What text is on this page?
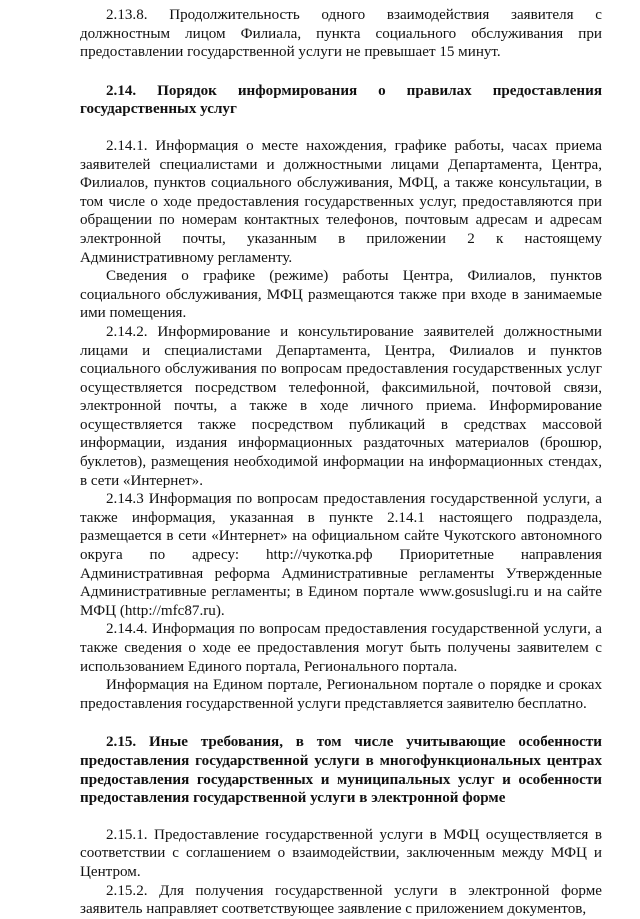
2.13.8. Продолжительность одного взаимодействия заявителя с должностным лицом Филиала, пункта социального обслуживания при предоставлении государственной услуги не превышает 15 минут.

2.14. Порядок информирования о правилах предоставления государственных услуг

2.14.1. Информация о месте нахождения, графике работы, часах приема заявителей специалистами и должностными лицами Департамента, Центра, Филиалов, пунктов социального обслуживания, МФЦ, а также консультации, в том числе о ходе предоставления государственных услуг, предоставляются при обращении по номерам контактных телефонов, почтовым адресам и адресам электронной почты, указанным в приложении 2 к настоящему Административному регламенту.

Сведения о графике (режиме) работы Центра, Филиалов, пунктов социального обслуживания, МФЦ размещаются также при входе в занимаемые ими помещения.

2.14.2. Информирование и консультирование заявителей должностными лицами и специалистами Департамента, Центра, Филиалов и пунктов социального обслуживания по вопросам предоставления государственных услуг осуществляется посредством телефонной, факсимильной, почтовой связи, электронной почты, а также в ходе личного приема. Информирование осуществляется также посредством публикаций в средствах массовой информации, издания информационных раздаточных материалов (брошюр, буклетов), размещения необходимой информации на информационных стендах, в сети «Интернет».

2.14.3 Информация по вопросам предоставления государственной услуги, а также информация, указанная в пункте 2.14.1 настоящего подраздела, размещается в сети «Интернет» на официальном сайте Чукотского автономного округа по адресу: http://чукотка.рф Приоритетные направления Административная реформа Административные регламенты Утвержденные Административные регламенты; в Едином портале www.gosuslugi.ru и на сайте МФЦ (http://mfc87.ru).

2.14.4. Информация по вопросам предоставления государственной услуги, а также сведения о ходе ее предоставления могут быть получены заявителем с использованием Единого портала, Регионального портала.

Информация на Едином портале, Региональном портале о порядке и сроках предоставления государственной услуги представляется заявителю бесплатно.

2.15. Иные требования, в том числе учитывающие особенности предоставления государственной услуги в многофункциональных центрах предоставления государственных и муниципальных услуг и особенности предоставления государственной услуги в электронной форме

2.15.1. Предоставление государственной услуги в МФЦ осуществляется в соответствии с соглашением о взаимодействии, заключенным между МФЦ и Центром.

2.15.2. Для получения государственной услуги в электронной форме заявитель направляет соответствующее заявление с приложением документов,
